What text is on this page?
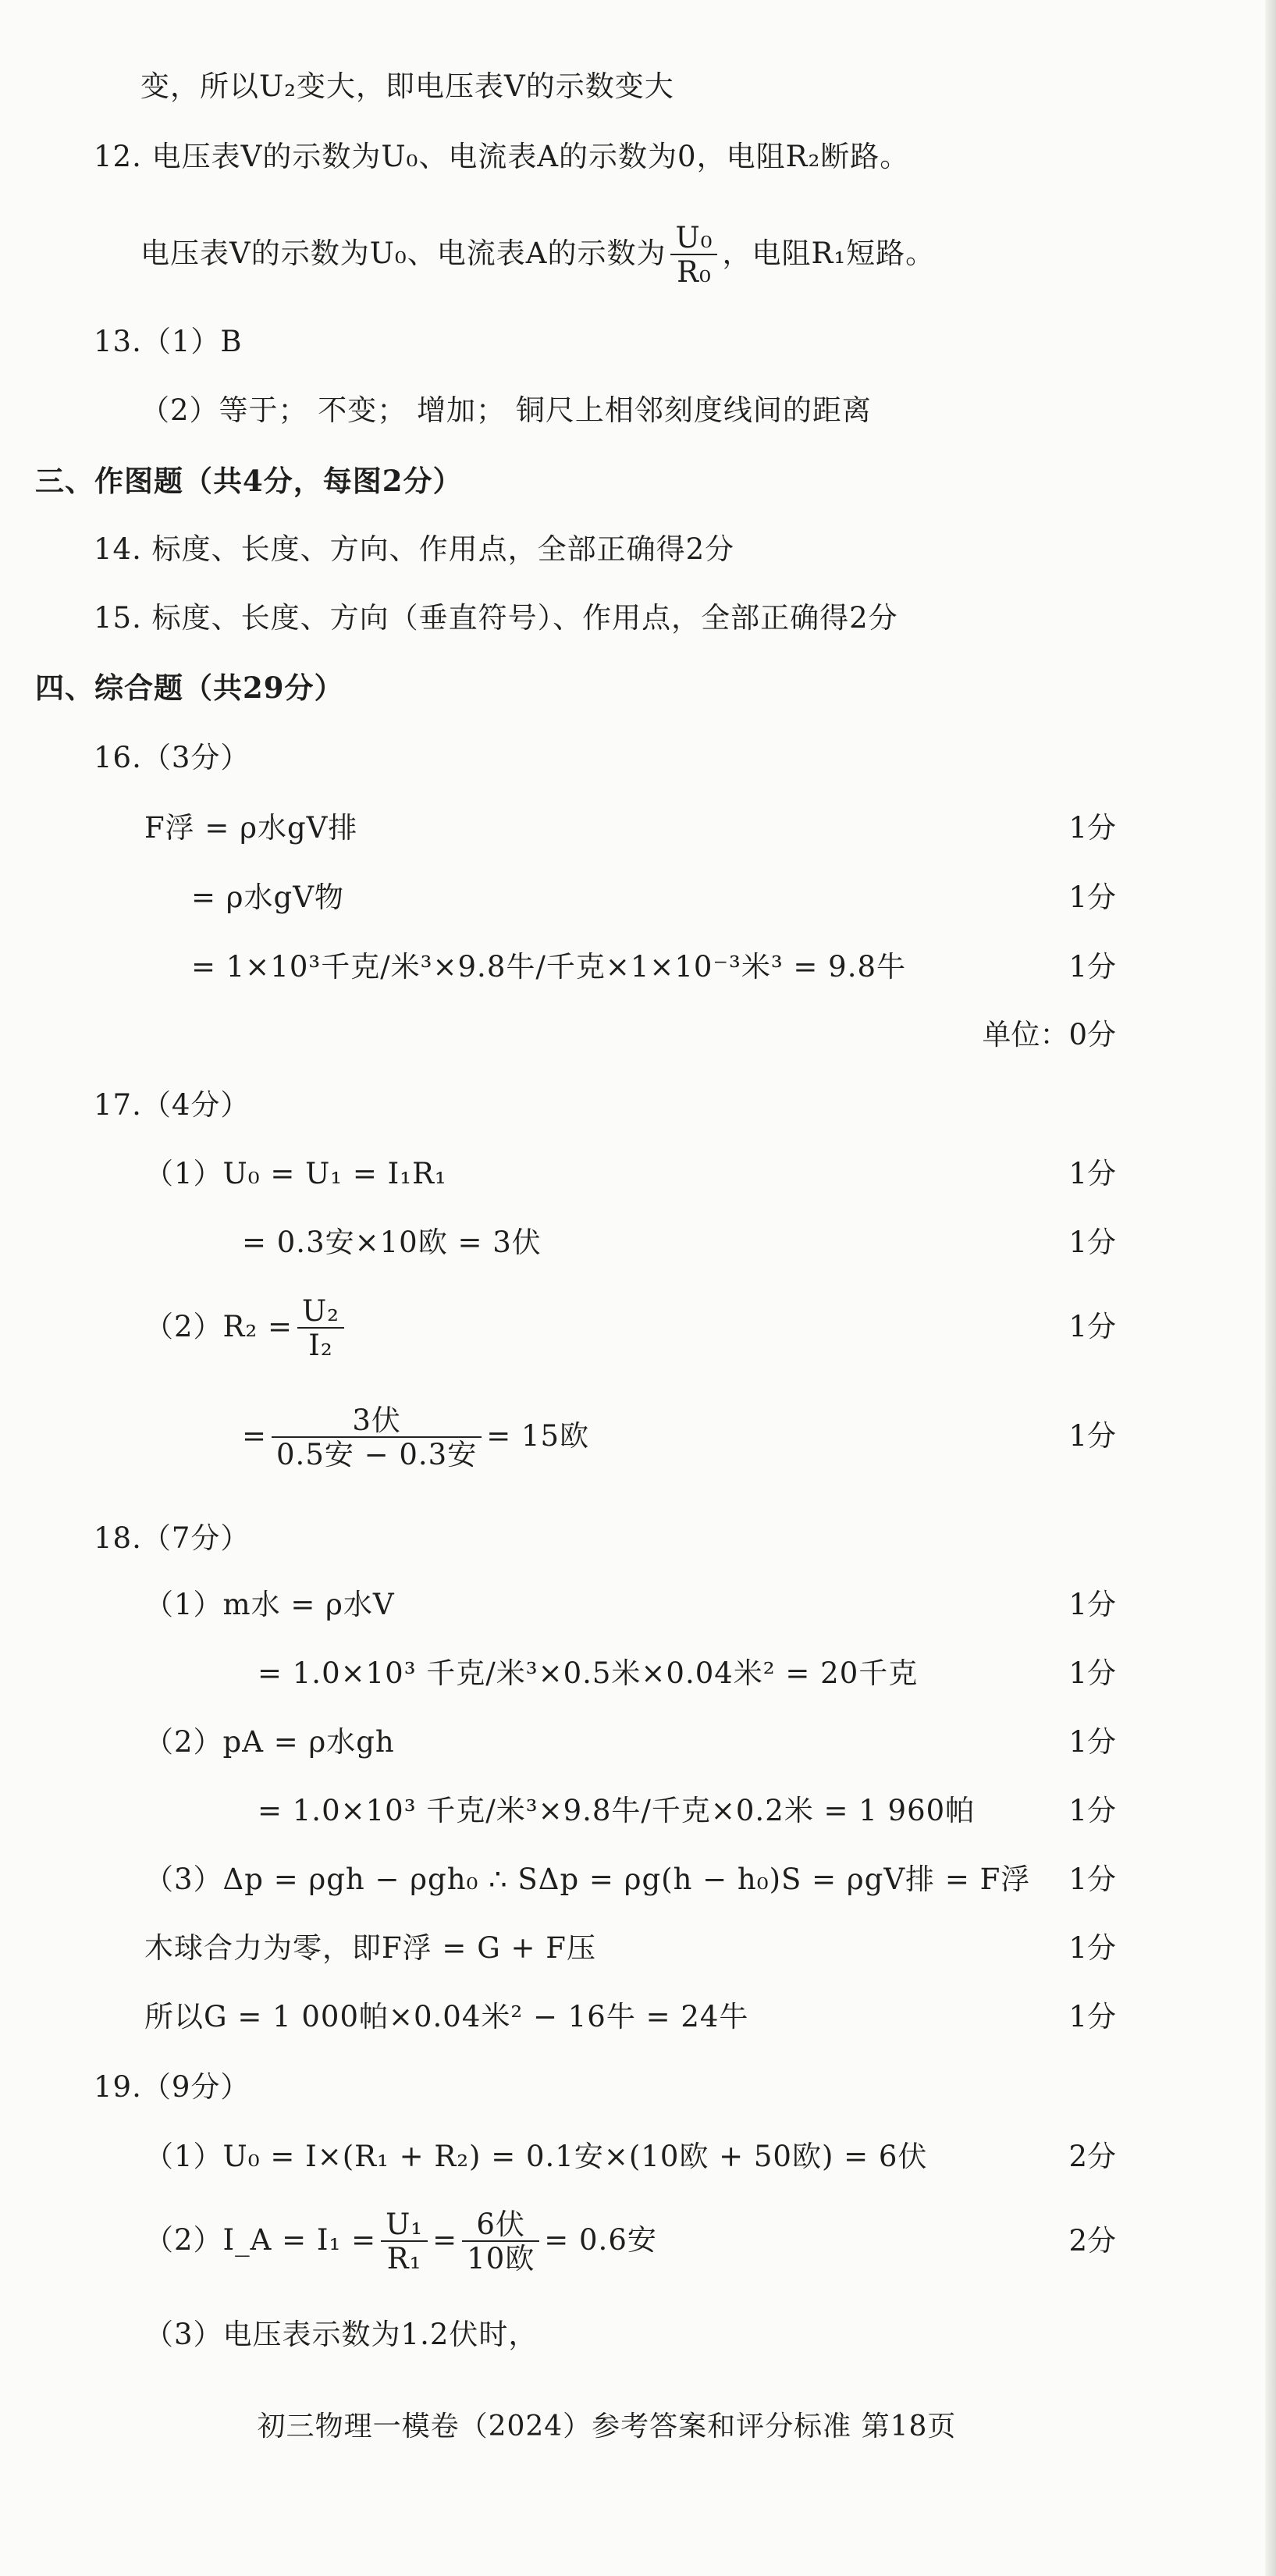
变，所以U₂变大，即电压表V的示数变大
12. 电压表V的示数为U₀、电流表A的示数为0，电阻R₂断路。
电压表V的示数为U₀、电流表A的示数为 $\frac{\text{U₀}}{\text{R₀}}$ ，电阻R₁短路。
13.（1）B
（2）等于； 不变； 增加； 铜尺上相邻刻度线间的距离
三、作图题（共4分，每图2分）
14. 标度、长度、方向、作用点，全部正确得2分
15. 标度、长度、方向（垂直符号）、作用点，全部正确得2分
四、综合题（共29分）
16.（3分）
F浮 = ρ水gV排	1分
= ρ水gV物	1分
= 1×10³千克/米³×9.8牛/千克×1×10⁻³米³ = 9.8牛	1分
单位：0分
17.（4分）
（1）U₀ = U₁ = I₁R₁	1分
= 0.3安×10欧 = 3伏	1分
$(2)R_2 = \frac{\text{U₂}}{\text{I₂}}$	1分
= $\frac{\text{3伏}}{\text{0.5安 − 0.3安}} = 15$欧	1分
18.（7分）
（1）m水 = ρ水V	1分
= 1.0×10³ 千克/米³×0.5米×0.04米² = 20千克	1分
（2）pA = ρ水gh	1分
= 1.0×10³ 千克/米³×9.8牛/千克×0.2米 = 1 960帕	1分
（3）Δp = ρgh − ρgh₀ ∴ SΔp = ρg(h − h₀)S = ρgV排 = F浮 1分
木球合力为零，即F浮 = G + F压	1分
所以G = 1 000帕×0.04米² − 16牛 = 24牛	1分
19.（9分）
（1）U₀ = I×(R₁ + R₂) = 0.1安×(10欧 + 50欧) = 6伏	2分
（2）I_A = $I_1 = \frac{\text{U₁}}{\text{R₁}} = \frac{\text{6伏}}{\text{10欧}} = 0.6$安	2分
（3）电压表示数为1.2伏时，
初三物理一模卷（2024）参考答案和评分标准 第18页
